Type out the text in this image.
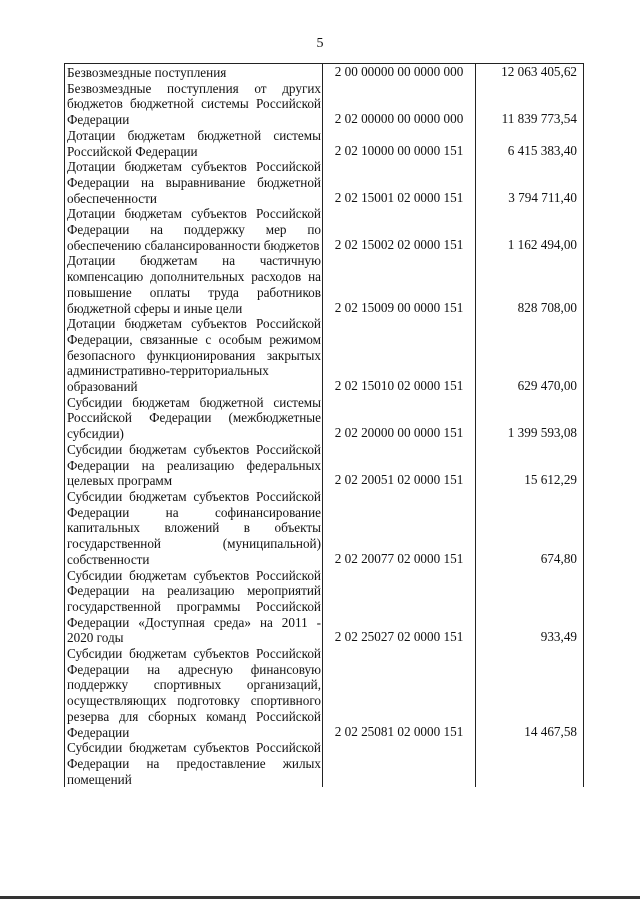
5
Безвозмездные поступления	2 00 00000 00 0000 000	12 063 405,62
Безвозмездные поступления от других бюджетов бюджетной системы Российской Федерации	2 02 00000 00 0000 000	11 839 773,54
Дотации бюджетам бюджетной системы Российской Федерации	2 02 10000 00 0000 151	6 415 383,40
Дотации бюджетам субъектов Российской Федерации на выравнивание бюджетной обеспеченности	2 02 15001 02 0000 151	3 794 711,40
Дотации бюджетам субъектов Российской Федерации на поддержку мер по обеспечению сбалансированности бюджетов	2 02 15002 02 0000 151	1 162 494,00
Дотации бюджетам на частичную компенсацию дополнительных расходов на повышение оплаты труда работников бюджетной сферы и иные цели	2 02 15009 00 0000 151	828 708,00
Дотации бюджетам субъектов Российской Федерации, связанные с особым режимом безопасного функционирования закрытых административно-территориальных образований	2 02 15010 02 0000 151	629 470,00
Субсидии бюджетам бюджетной системы Российской Федерации (межбюджетные субсидии)	2 02 20000 00 0000 151	1 399 593,08
Субсидии бюджетам субъектов Российской Федерации на реализацию федеральных целевых программ	2 02 20051 02 0000 151	15 612,29
Субсидии бюджетам субъектов Российской Федерации на софинансирование капитальных вложений в объекты государственной (муниципальной) собственности	2 02 20077 02 0000 151	674,80
Субсидии бюджетам субъектов Российской Федерации на реализацию мероприятий государственной программы Российской Федерации «Доступная среда» на 2011 - 2020 годы	2 02 25027 02 0000 151	933,49
Субсидии бюджетам субъектов Российской Федерации на адресную финансовую поддержку спортивных организаций, осуществляющих подготовку спортивного резерва для сборных команд Российской Федерации	2 02 25081 02 0000 151	14 467,58
Субсидии бюджетам субъектов Российской Федерации на предоставление жилых помещений		
